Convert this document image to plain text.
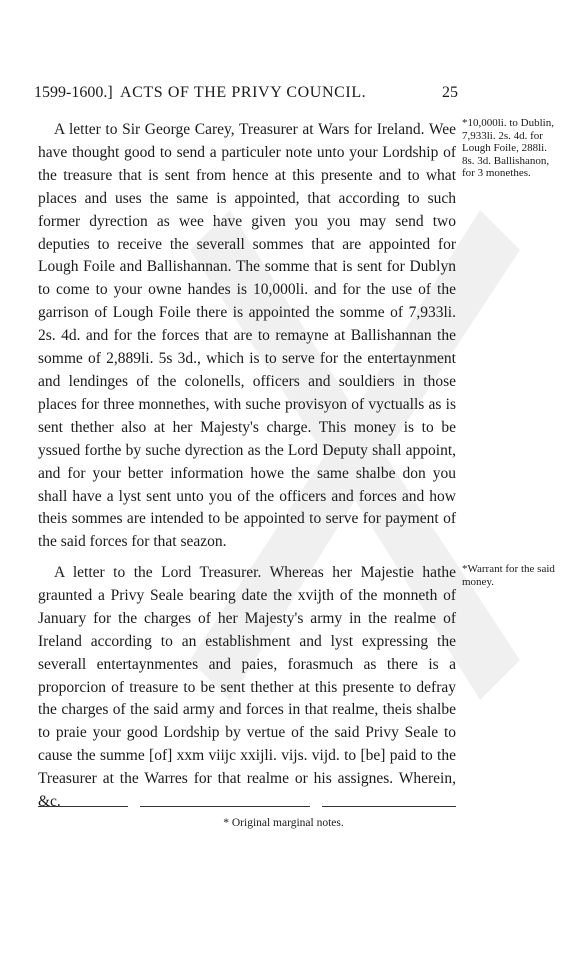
1599-1600.] ACTS OF THE PRIVY COUNCIL.	25

A letter to Sir George Carey, Treasurer at Wars for Ireland. Wee have thought good to send a particuler note unto your Lordship of the treasure that is sent from hence at this presente and to what places and uses the same is appointed, that according to such former dyrection as wee have given you you may send two deputies to receive the severall sommes that are appointed for Lough Foile and Ballishannan. The somme that is sent for Dublyn to come to your owne handes is 10,000li. and for the use of the garrison of Lough Foile there is appointed the somme of 7,933li. 2s. 4d. and for the forces that are to remayne at Ballishannan the somme of 2,889li. 5s 3d., which is to serve for the entertaynment and lendinges of the colonells, officers and souldiers in those places for three monnethes, with suche provisyon of vyctualls as is sent thether also at her Majesty's charge. This money is to be yssued forthe by suche dyrection as the Lord Deputy shall appoint, and for your better information howe the same shalbe don you shall have a lyst sent unto you of the officers and forces and how theis sommes are intended to be appointed to serve for payment of the said forces for that seazon.

*10,000li. to Dublin, 7,933li. 2s. 4d. for Lough Foile, 288li. 8s. 3d. Ballishanon, for 3 monethes.

A letter to the Lord Treasurer. Whereas her Majestie hathe graunted a Privy Seale bearing date the xvijth of the monneth of January for the charges of her Majesty's army in the realme of Ireland according to an establishment and lyst expressing the severall entertaynmentes and paies, forasmuch as there is a proporcion of treasure to be sent thether at this presente to defray the charges of the said army and forces in that realme, theis shalbe to praie your good Lordship by vertue of the said Privy Seale to cause the summe [of] xxm viijc xxijli. vijs. vijd. to [be] paid to the Treasurer at the Warres for that realme or his assignes. Wherein, &c.

*Warrant for the said money.

* Original marginal notes.
